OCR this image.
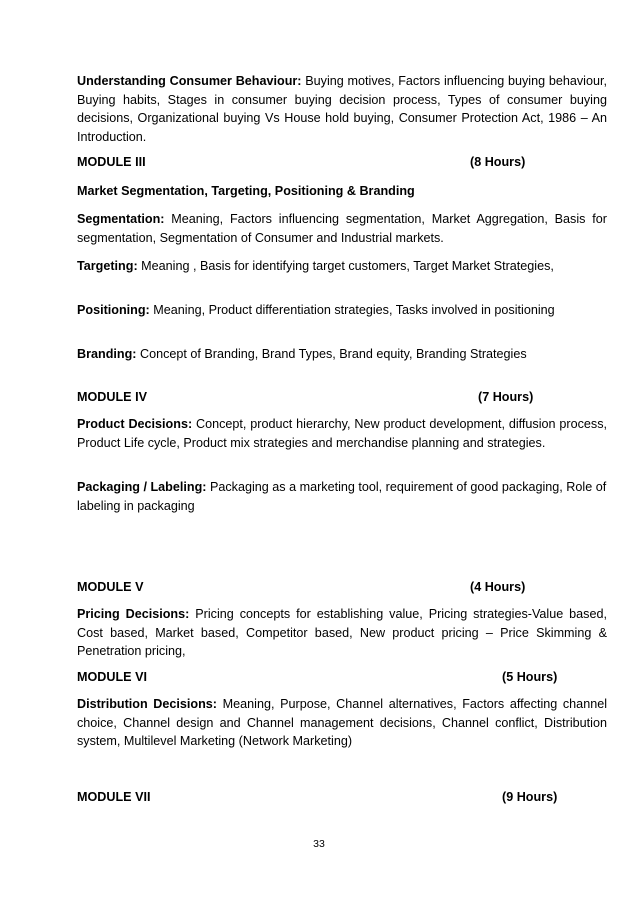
Understanding Consumer Behaviour: Buying motives, Factors influencing buying behaviour, Buying habits, Stages in consumer buying decision process, Types of consumer buying decisions, Organizational buying Vs House hold buying, Consumer Protection Act, 1986 – An Introduction.
MODULE III	(8 Hours)
Market Segmentation, Targeting, Positioning & Branding
Segmentation: Meaning, Factors influencing segmentation, Market Aggregation, Basis for segmentation, Segmentation of Consumer and Industrial markets.
Targeting: Meaning , Basis for identifying target customers, Target Market Strategies,
Positioning: Meaning, Product differentiation strategies, Tasks involved in positioning
Branding: Concept of Branding, Brand Types, Brand equity, Branding Strategies
MODULE IV	(7 Hours)
Product Decisions: Concept, product hierarchy, New product development, diffusion process, Product Life cycle, Product mix strategies and merchandise planning and strategies.
Packaging / Labeling: Packaging as a marketing tool, requirement of good packaging, Role of labeling in packaging
MODULE V	(4 Hours)
Pricing Decisions: Pricing concepts for establishing value, Pricing strategies-Value based, Cost based, Market based, Competitor based, New product pricing – Price Skimming & Penetration pricing,
MODULE VI	(5 Hours)
Distribution Decisions: Meaning, Purpose, Channel alternatives, Factors affecting channel choice, Channel design and Channel management decisions, Channel conflict, Distribution system, Multilevel Marketing (Network Marketing)
MODULE VII	(9 Hours)
33
